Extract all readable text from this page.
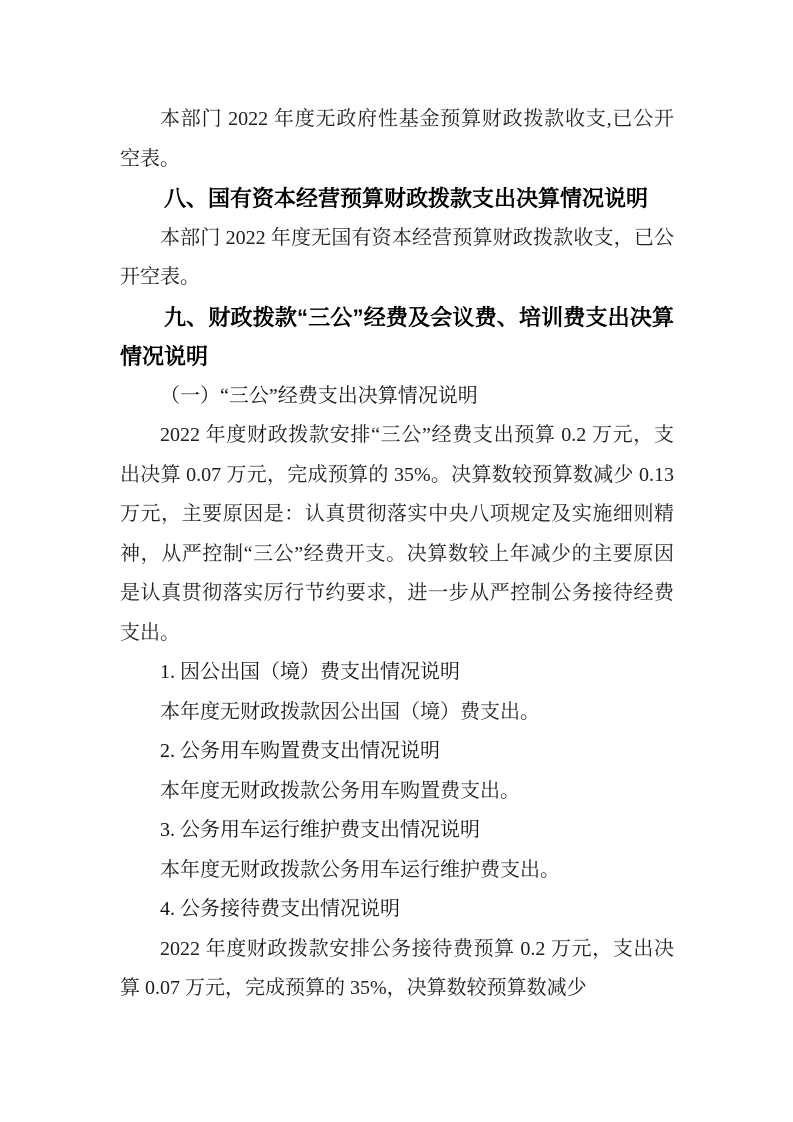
本部门 2022 年度无政府性基金预算财政拨款收支,已公开空表。

八、国有资本经营预算财政拨款支出决算情况说明

本部门 2022 年度无国有资本经营预算财政拨款收支，已公开空表。

九、财政拨款“三公”经费及会议费、培训费支出决算情况说明

（一）“三公”经费支出决算情况说明

2022 年度财政拨款安排“三公”经费支出预算 0.2 万元，支出决算 0.07 万元，完成预算的 35%。决算数较预算数减少 0.13 万元，主要原因是：认真贯彻落实中央八项规定及实施细则精神，从严控制“三公”经费开支。决算数较上年减少的主要原因是认真贯彻落实厉行节约要求，进一步从严控制公务接待经费支出。

1. 因公出国（境）费支出情况说明

本年度无财政拨款因公出国（境）费支出。

2. 公务用车购置费支出情况说明

本年度无财政拨款公务用车购置费支出。

3. 公务用车运行维护费支出情况说明

本年度无财政拨款公务用车运行维护费支出。

4. 公务接待费支出情况说明

2022 年度财政拨款安排公务接待费预算 0.2 万元，支出决算 0.07 万元，完成预算的 35%，决算数较预算数减少
